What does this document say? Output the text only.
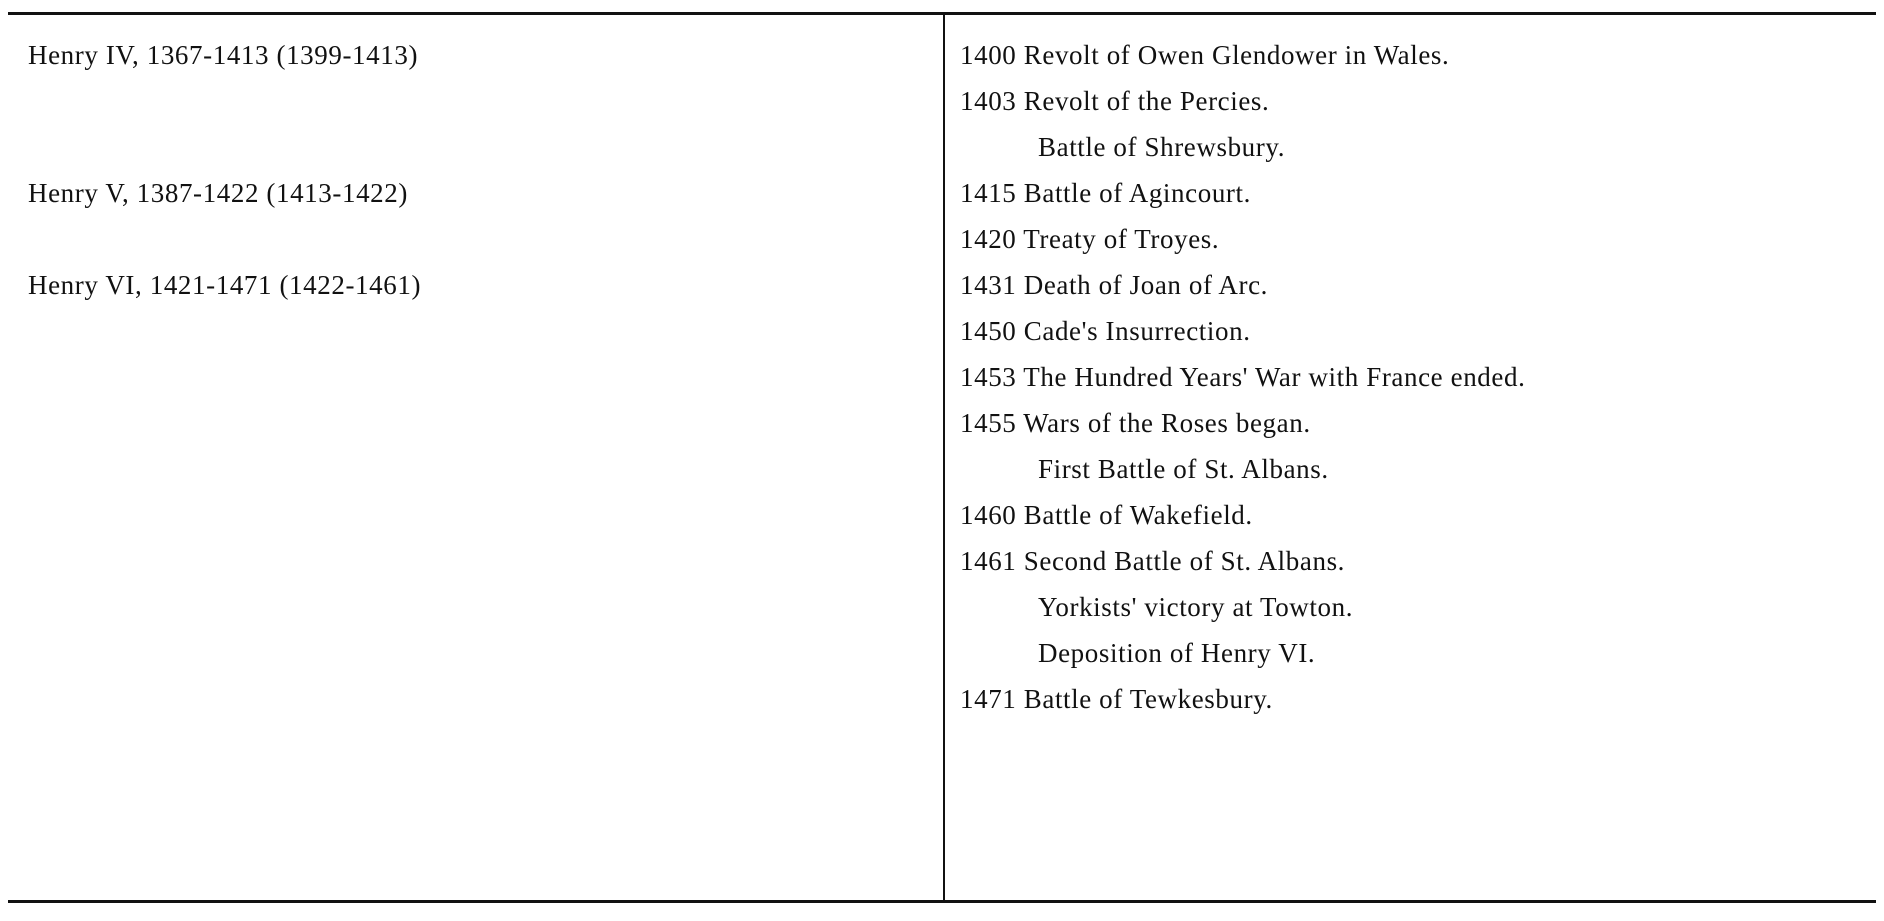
Henry IV, 1367-1413 (1399-1413)
Henry V, 1387-1422 (1413-1422)
Henry VI, 1421-1471 (1422-1461)
1400 Revolt of Owen Glendower in Wales.
1403 Revolt of the Percies.
Battle of Shrewsbury.
1415 Battle of Agincourt.
1420 Treaty of Troyes.
1431 Death of Joan of Arc.
1450 Cade's Insurrection.
1453 The Hundred Years' War with France ended.
1455 Wars of the Roses began.
First Battle of St. Albans.
1460 Battle of Wakefield.
1461 Second Battle of St. Albans.
Yorkists' victory at Towton.
Deposition of Henry VI.
1471 Battle of Tewkesbury.
